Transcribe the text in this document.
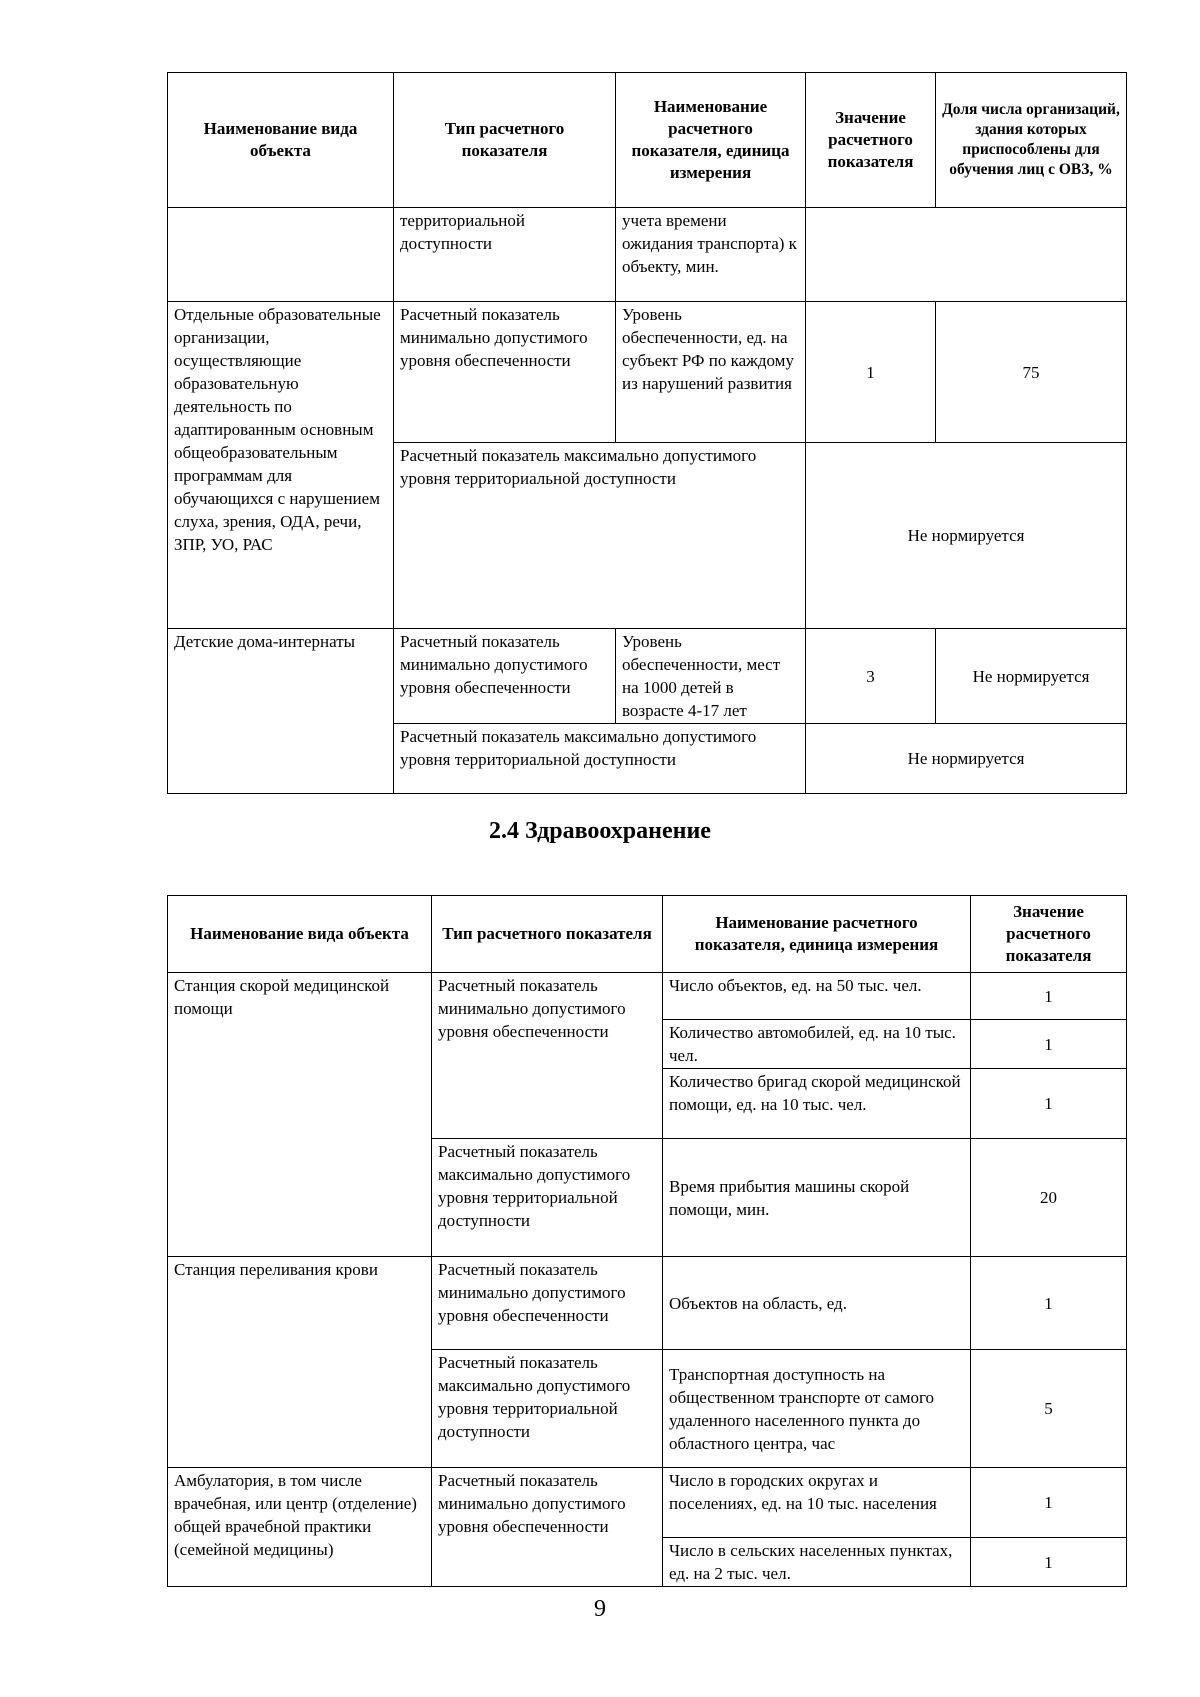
Наименование вида объекта	Тип расчетного показателя	Наименование расчетного показателя, единица измерения	Значение расчетного показателя	Доля числа организаций, здания которых приспособлены для обучения лиц с ОВЗ, %
	территориальной доступности	учета времени ожидания транспорта) к объекту, мин.		
Отдельные образовательные организации, осуществляющие образовательную деятельность по адаптированным основным общеобразовательным программам для обучающихся с нарушением слуха, зрения, ОДА, речи, ЗПР, УО, РАС	Расчетный показатель минимально допустимого уровня обеспеченности	Уровень обеспеченности, ед. на субъект РФ по каждому из нарушений развития	1	75
	Расчетный показатель максимально допустимого уровня территориальной доступности		Не нормируется	
Детские дома-интернаты	Расчетный показатель минимально допустимого уровня обеспеченности	Уровень обеспеченности, мест на 1000 детей в возрасте 4-17 лет	3	Не нормируется
	Расчетный показатель максимально допустимого уровня территориальной доступности		Не нормируется	
2.4 Здравоохранение
Наименование вида объекта	Тип расчетного показателя	Наименование расчетного показателя, единица измерения	Значение расчетного показателя
Станция скорой медицинской помощи	Расчетный показатель минимально допустимого уровня обеспеченности	Число объектов, ед. на 50 тыс. чел.	1
		Количество автомобилей, ед. на 10 тыс. чел.	1
		Количество бригад скорой медицинской помощи, ед. на 10 тыс. чел.	1
	Расчетный показатель максимально допустимого уровня территориальной доступности	Время прибытия машины скорой помощи, мин.	20
Станция переливания крови	Расчетный показатель минимально допустимого уровня обеспеченности	Объектов на область, ед.	1
	Расчетный показатель максимально допустимого уровня территориальной доступности	Транспортная доступность на общественном транспорте от самого удаленного населенного пункта до областного центра, час	5
Амбулатория, в том числе врачебная, или центр (отделение) общей врачебной практики (семейной медицины)	Расчетный показатель минимально допустимого уровня обеспеченности	Число в городских округах и поселениях, ед. на 10 тыс. населения	1
		Число в сельских населенных пунктах, ед. на 2 тыс. чел.	1
9
